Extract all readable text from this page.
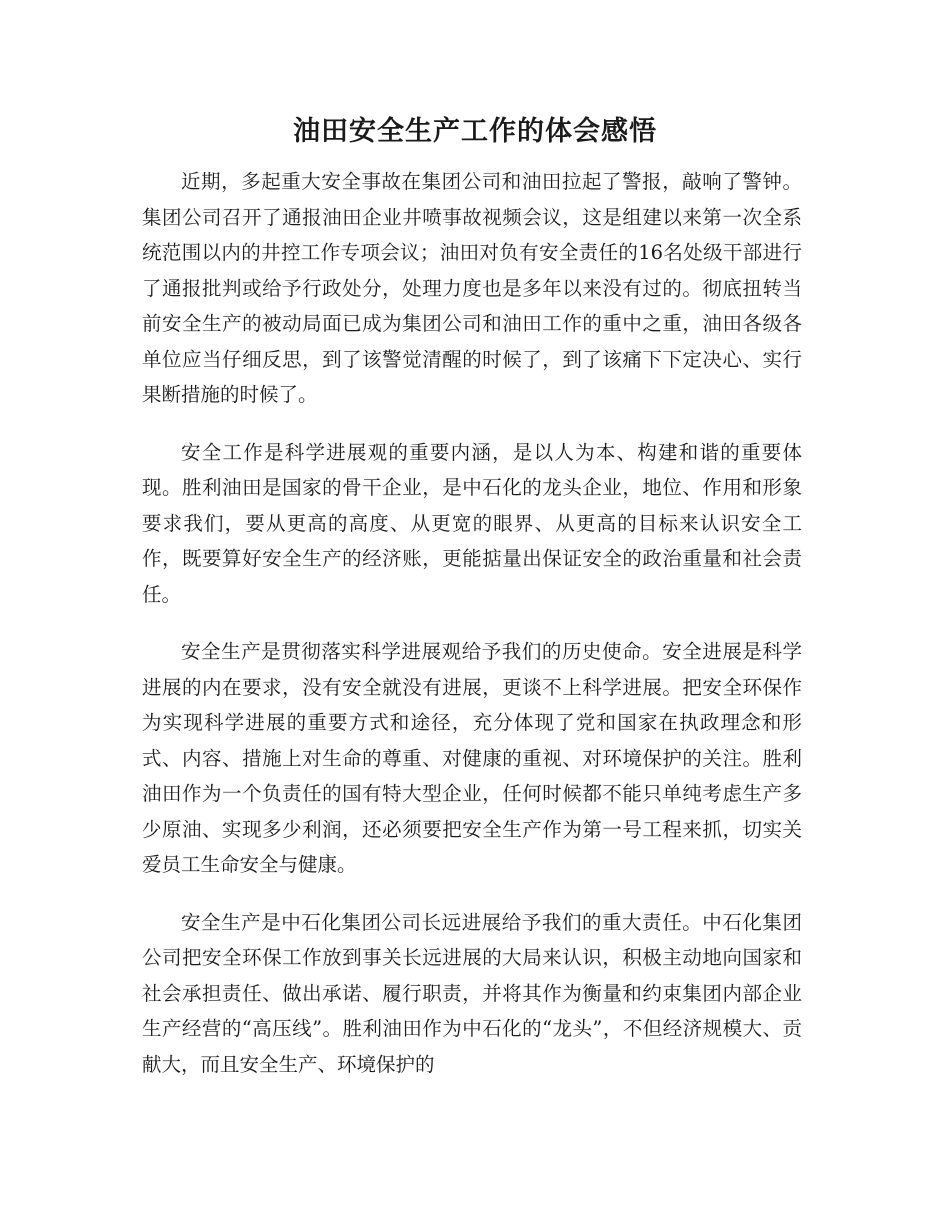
油田安全生产工作的体会感悟

近期，多起重大安全事故在集团公司和油田拉起了警报，敲响了警钟。集团公司召开了通报油田企业井喷事故视频会议，这是组建以来第一次全系统范围以内的井控工作专项会议；油田对负有安全责任的16名处级干部进行了通报批判或给予行政处分，处理力度也是多年以来没有过的。彻底扭转当前安全生产的被动局面已成为集团公司和油田工作的重中之重，油田各级各单位应当仔细反思，到了该警觉清醒的时候了，到了该痛下下定决心、实行果断措施的时候了。

安全工作是科学进展观的重要内涵，是以人为本、构建和谐的重要体现。胜利油田是国家的骨干企业，是中石化的龙头企业，地位、作用和形象要求我们，要从更高的高度、从更宽的眼界、从更高的目标来认识安全工作，既要算好安全生产的经济账，更能掂量出保证安全的政治重量和社会责任。

安全生产是贯彻落实科学进展观给予我们的历史使命。安全进展是科学进展的内在要求，没有安全就没有进展，更谈不上科学进展。把安全环保作为实现科学进展的重要方式和途径，充分体现了党和国家在执政理念和形式、内容、措施上对生命的尊重、对健康的重视、对环境保护的关注。胜利油田作为一个负责任的国有特大型企业，任何时候都不能只单纯考虑生产多少原油、实现多少利润，还必须要把安全生产作为第一号工程来抓，切实关爱员工生命安全与健康。

安全生产是中石化集团公司长远进展给予我们的重大责任。中石化集团公司把安全环保工作放到事关长远进展的大局来认识，积极主动地向国家和社会承担责任、做出承诺、履行职责，并将其作为衡量和约束集团内部企业生产经营的“高压线”。胜利油田作为中石化的“龙头”，不但经济规模大、贡献大，而且安全生产、环境保护的
